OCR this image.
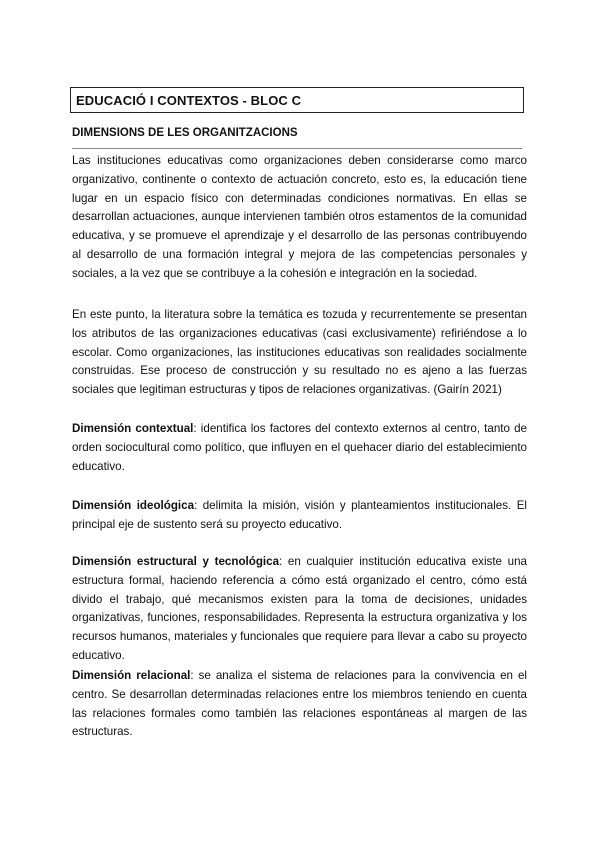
EDUCACIÓ I CONTEXTOS - BLOC C
DIMENSIONS DE LES ORGANITZACIONS

Las instituciones educativas como organizaciones deben considerarse como marco organizativo, continente o contexto de actuación concreto, esto es, la educación tiene lugar en un espacio físico con determinadas condiciones normativas. En ellas se desarrollan actuaciones, aunque intervienen también otros estamentos de la comunidad educativa, y se promueve el aprendizaje y el desarrollo de las personas contribuyendo al desarrollo de una formación integral y mejora de las competencias personales y sociales, a la vez que se contribuye a la cohesión e integración en la sociedad.

En este punto, la literatura sobre la temática es tozuda y recurrentemente se presentan los atributos de las organizaciones educativas (casi exclusivamente) refiriéndose a lo escolar. Como organizaciones, las instituciones educativas son realidades socialmente construidas. Ese proceso de construcción y su resultado no es ajeno a las fuerzas sociales que legitiman estructuras y tipos de relaciones organizativas. (Gairín 2021)

Dimensión contextual: identifica los factores del contexto externos al centro, tanto de orden sociocultural como político, que influyen en el quehacer diario del establecimiento educativo.

Dimensión ideológica: delimita la misión, visión y planteamientos institucionales. El principal eje de sustento será su proyecto educativo.

Dimensión estructural y tecnológica: en cualquier institución educativa existe una estructura formal, haciendo referencia a cómo está organizado el centro, cómo está divido el trabajo, qué mecanismos existen para la toma de decisiones, unidades organizativas, funciones, responsabilidades. Representa la estructura organizativa y los recursos humanos, materiales y funcionales que requiere para llevar a cabo su proyecto educativo.

Dimensión relacional: se analiza el sistema de relaciones para la convivencia en el centro. Se desarrollan determinadas relaciones entre los miembros teniendo en cuenta las relaciones formales como también las relaciones espontáneas al margen de las estructuras.
